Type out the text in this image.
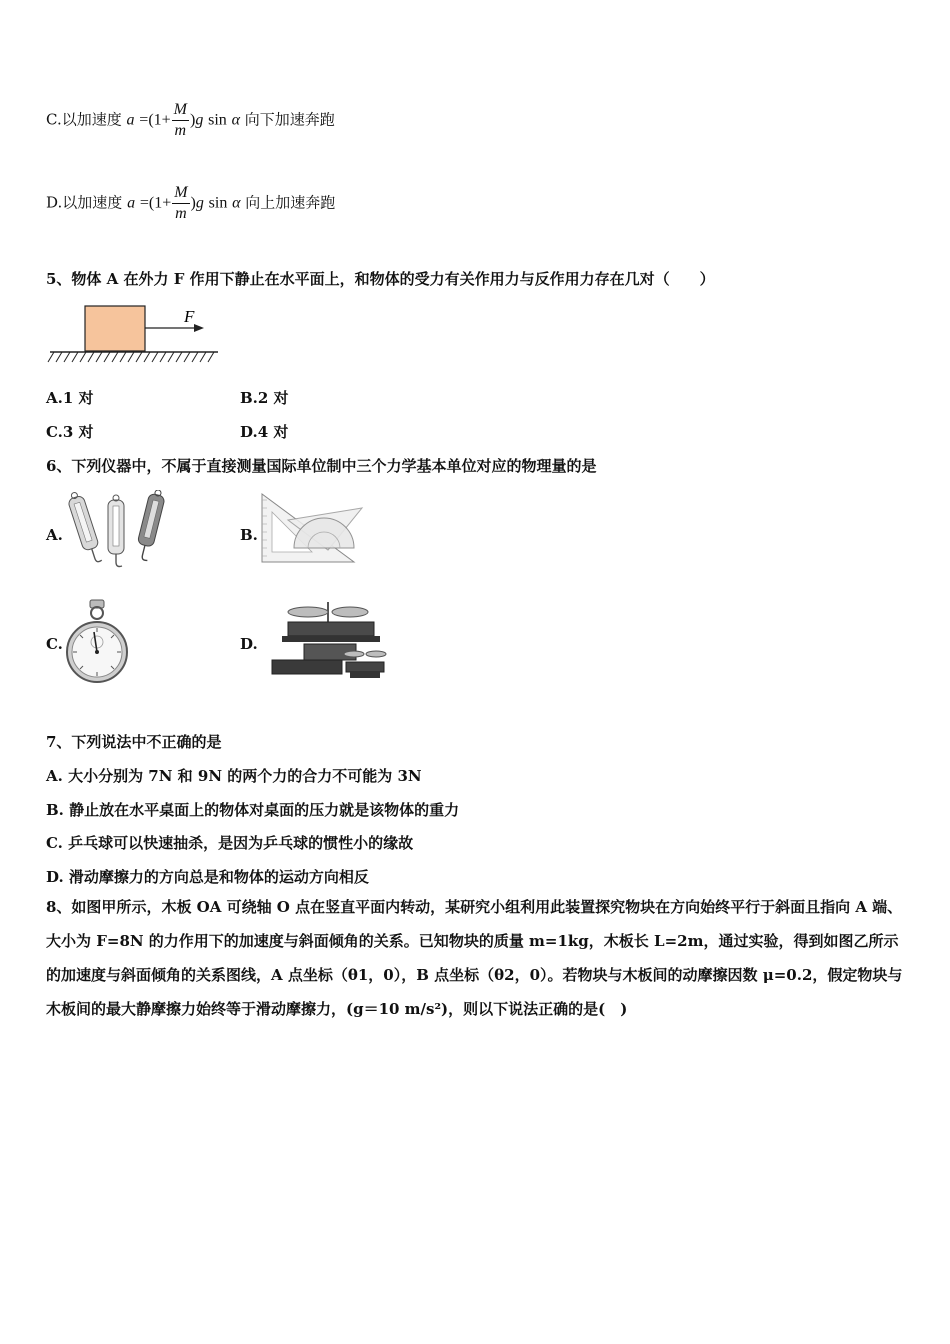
C.以加速度 $a =(1+ \frac{M}{m} )g$ sin α 向下加速奔跑
D.以加速度 $a =(1+ \frac{M}{m} )g$ sin α 向上加速奔跑
5、物体 A 在外力 F 作用下静止在水平面上，和物体的受力有关作用力与反作用力存在几对（　　）
F
A.1 对	B.2 对
C.3 对	D.4 对
6、下列仪器中，不属于直接测量国际单位制中三个力学基本单位对应的物理量的是
A.	B.
C.	D.
7、下列说法中不正确的是
A. 大小分别为 7N 和 9N 的两个力的合力不可能为 3N
B. 静止放在水平桌面上的物体对桌面的压力就是该物体的重力
C. 乒乓球可以快速抽杀，是因为乒乓球的惯性小的缘故
D. 滑动摩擦力的方向总是和物体的运动方向相反
8、如图甲所示，木板 OA 可绕轴 O 点在竖直平面内转动，某研究小组利用此装置探究物块在方向始终平行于斜面且指向 A 端、大小为 F=8N 的力作用下的加速度与斜面倾角的关系。已知物块的质量 m=1kg，木板长 L=2m，通过实验，得到如图乙所示的加速度与斜面倾角的关系图线，A 点坐标（θ1，0），B 点坐标（θ2，0）。若物块与木板间的动摩擦因数 μ=0.2，假定物块与木板间的最大静摩擦力始终等于滑动摩擦力，(g＝10 m/s²)，则以下说法正确的是(　)
